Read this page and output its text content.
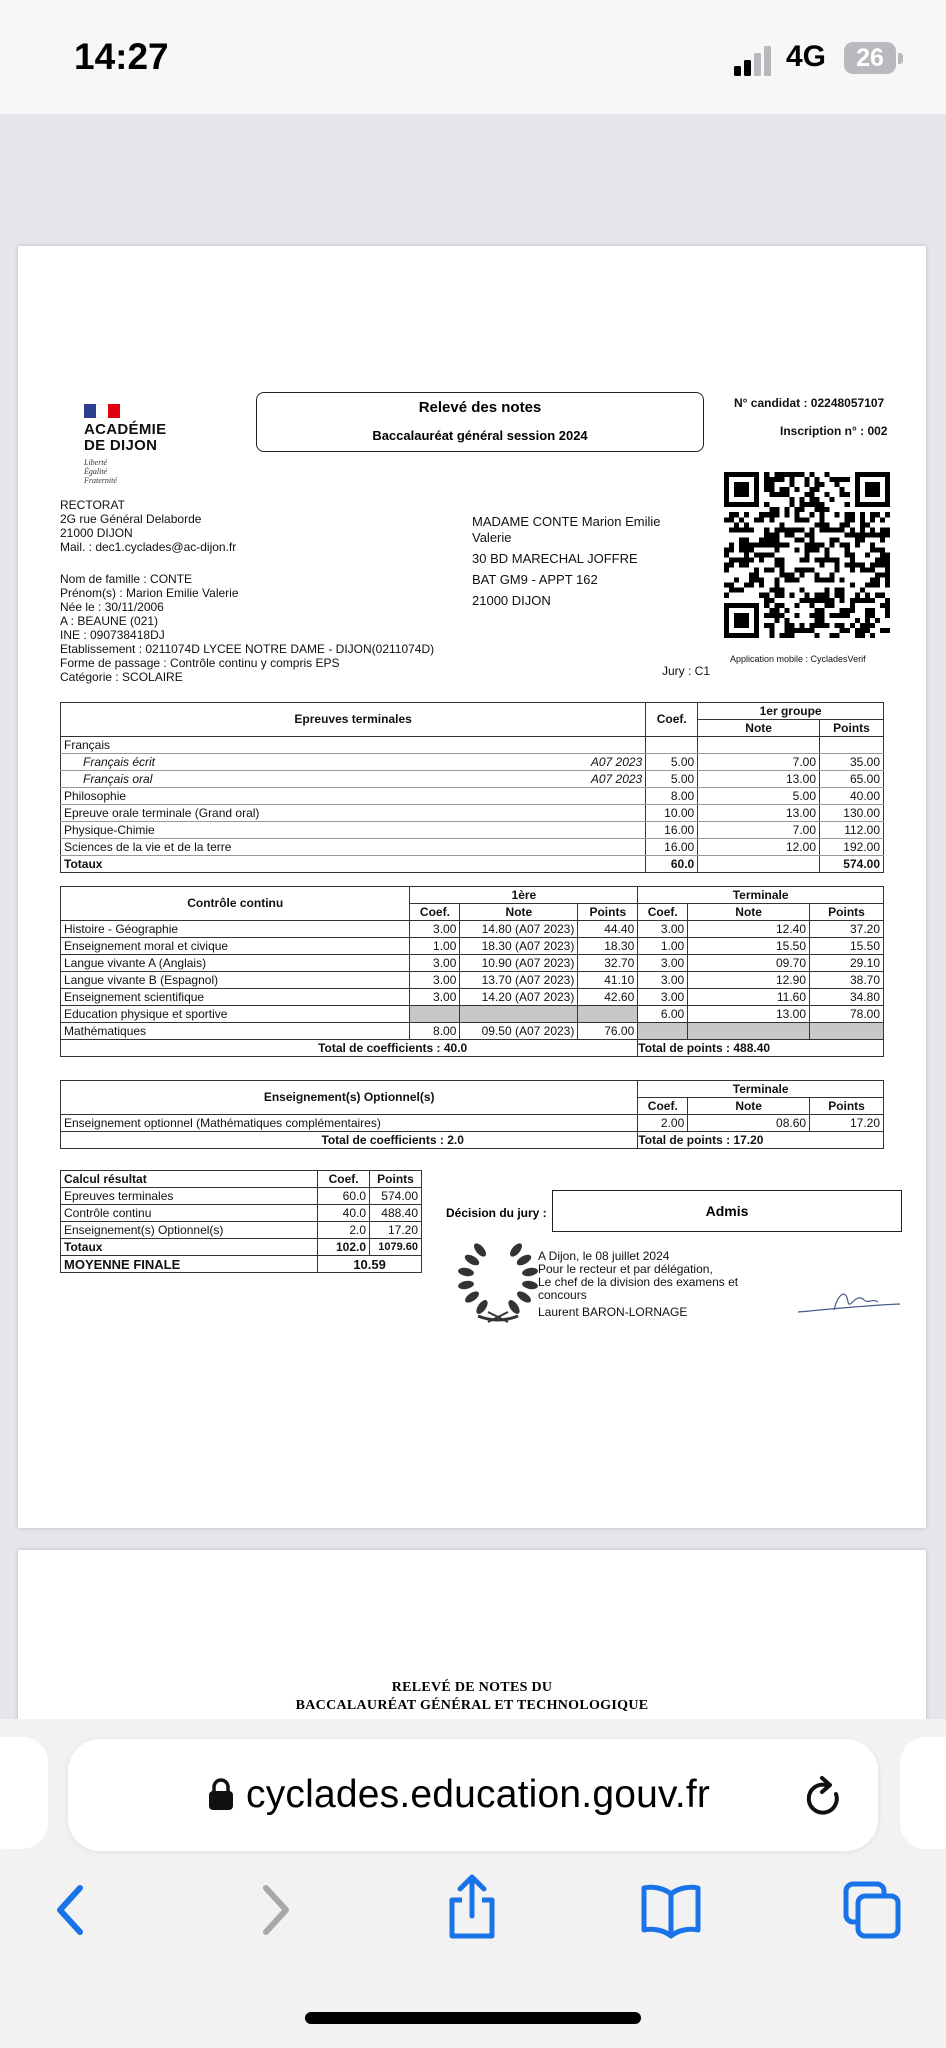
14:27	4G	26
ACADÉMIE
DE DIJON
Liberté
Égalité
Fraternité
Relevé des notes
Baccalauréat général session 2024
N° candidat : 02248057107
Inscription n° : 002
RECTORAT
2G rue Général Delaborde
21000 DIJON
Mail. : dec1.cyclades@ac-dijon.fr
MADAME CONTE Marion Emilie
Valerie
30 BD MARECHAL JOFFRE
BAT GM9 - APPT 162
21000 DIJON
Application mobile : CycladesVerif
Nom de famille : CONTE
Prénom(s) : Marion Emilie Valerie
Née le : 30/11/2006
A : BEAUNE (021)
INE : 090738418DJ
Etablissement : 0211074D LYCEE NOTRE DAME - DIJON(0211074D)
Forme de passage : Contrôle continu y compris EPS
Catégorie : SCOLAIRE	Jury : C1
Epreuves terminales	Coef.	1er groupe	
		Note	Points
Français

Français écrit A07 2023	5.00	7.00	35.00
Français oral A07 2023	5.00	13.00	65.00
Philosophie	8.00	5.00	40.00
Epreuve orale terminale (Grand oral)	10.00	13.00	130.00
Physique-Chimie	16.00	7.00	112.00
Sciences de la vie et de la terre	16.00	12.00	192.00
Totaux	60.0		574.00
Contrôle continu	1ère			Terminale		
	Coef.	Note	Points	Coef.	Note	Points
Histoire - Géographie	3.00	14.80 (A07 2023)	44.40	3.00	12.40	37.20
Enseignement moral et civique	1.00	18.30 (A07 2023)	18.30	1.00	15.50	15.50
Langue vivante A (Anglais)	3.00	10.90 (A07 2023)	32.70	3.00	09.70	29.10
Langue vivante B (Espagnol)	3.00	13.70 (A07 2023)	41.10	3.00	12.90	38.70
Enseignement scientifique	3.00	14.20 (A07 2023)	42.60	3.00	11.60	34.80
Education physique et sportive				6.00	13.00	78.00
Mathématiques	8.00	09.50 (A07 2023)	76.00			
Total de coefficients : 40.0				Total de points : 488.40		
Enseignement(s) Optionnel(s)	Terminale		
	Coef.	Note	Points
Enseignement optionnel (Mathématiques complémentaires)	2.00	08.60	17.20
Total de coefficients : 2.0	Total de points : 17.20		
Calcul résultat	Coef.	Points
Epreuves terminales	60.0	574.00
Contrôle continu	40.0	488.40
Enseignement(s) Optionnel(s)	2.0	17.20
Totaux	102.0	1079.60
MOYENNE FINALE	10.59	
Décision du jury :	Admis
A Dijon, le 08 juillet 2024
Pour le recteur et par délégation,
Le chef de la division des examens et
concours
Laurent BARON-LORNAGE
RELEVÉ DE NOTES DU
BACCALAURÉAT GÉNÉRAL ET TECHNOLOGIQUE
cyclades.education.gouv.fr
